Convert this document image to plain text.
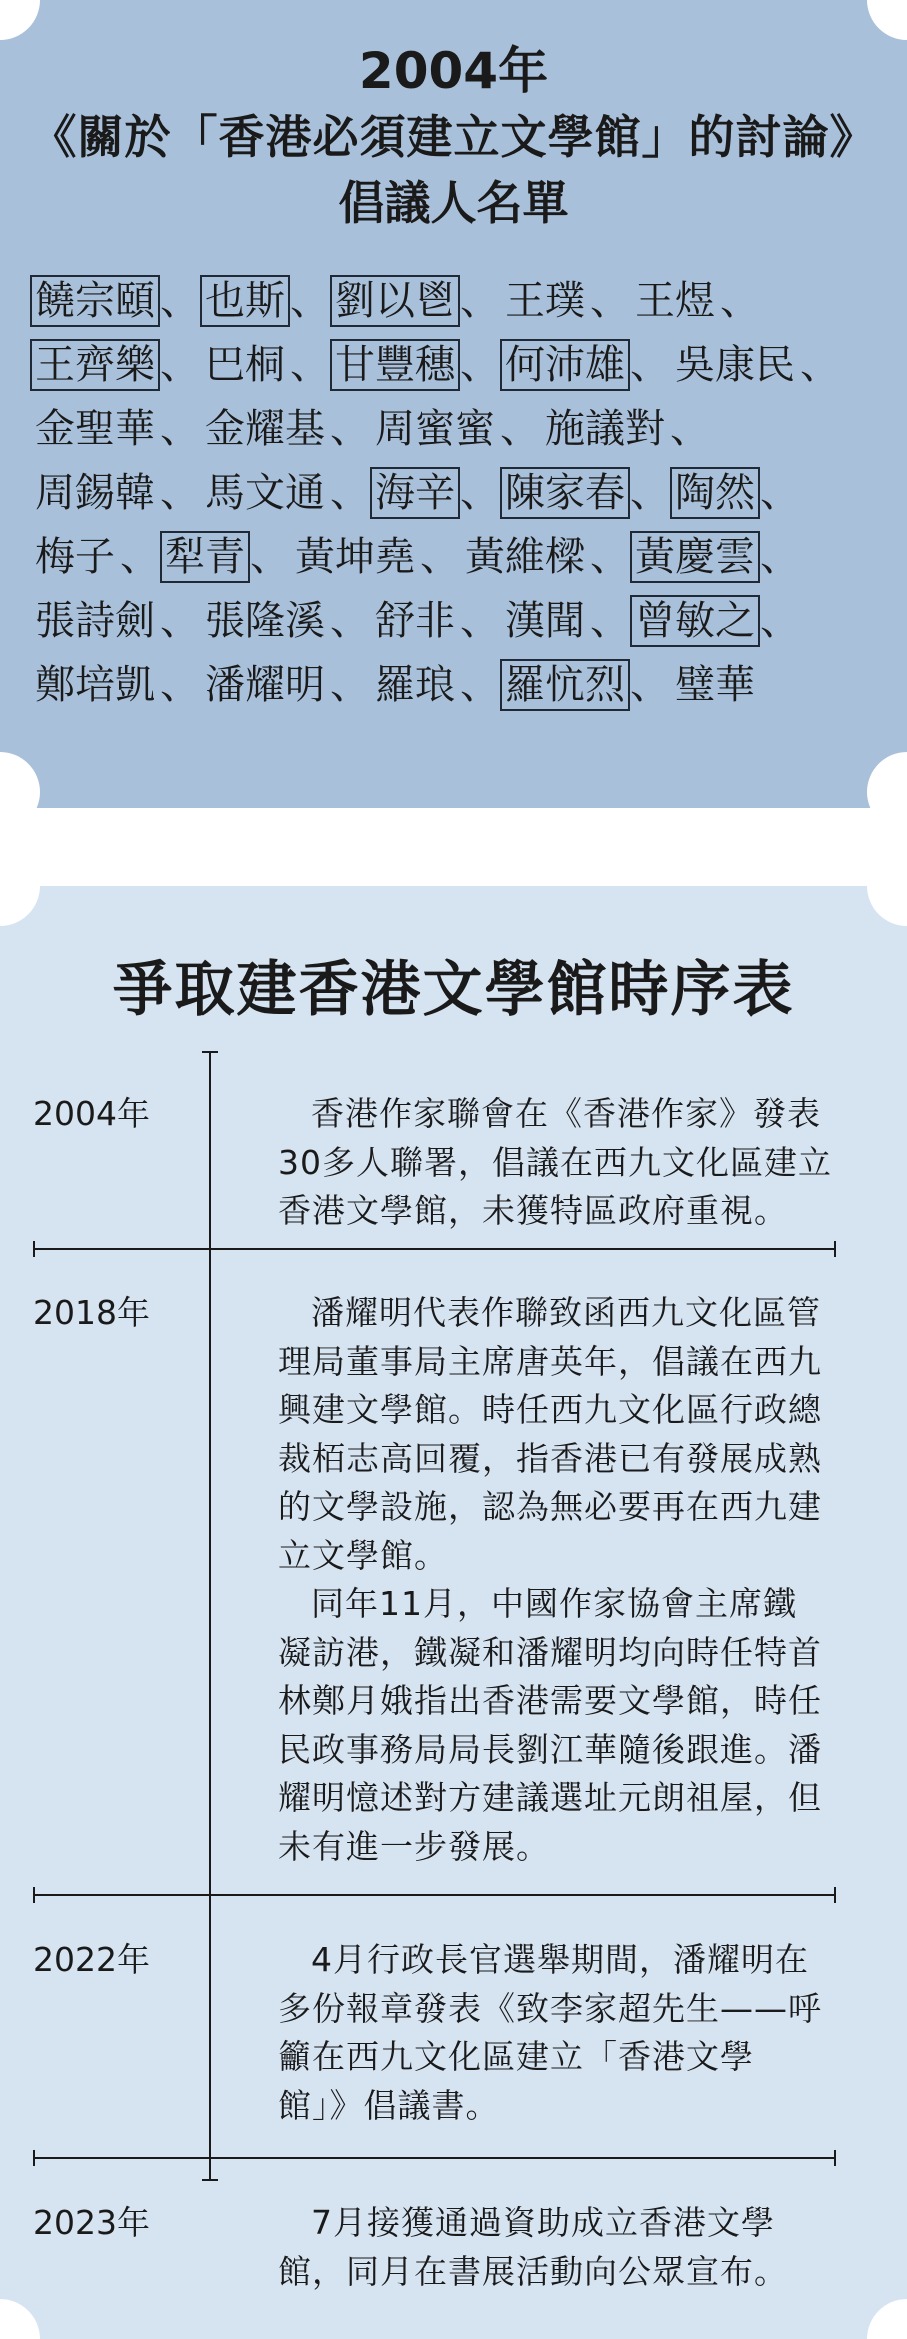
2004年
《關於「香港必須建立文學館」的討論》
倡議人名單
饒宗頤 、 也斯 、 劉以鬯 、 王璞 、 王煜 、
王齊樂 、 巴桐 、 甘豐穗 、 何沛雄 、 吳康民 、
金聖華 、 金耀基 、 周蜜蜜 、 施議對 、
周錫韓 、 馬文通 、 海辛 、 陳家春 、 陶然 、
梅子 、 犁青 、 黃坤堯 、 黃維樑 、 黃慶雲 、
張詩劍 、 張隆溪 、 舒非 、 漢聞 、 曾敏之 、
鄭培凱 、 潘耀明 、 羅琅 、 羅忼烈 、 璧華
爭取建香港文學館時序表
2004年	香港作家聯會在《香港作家》發表
30多人聯署，倡議在西九文化區建立
香港文學館，未獲特區政府重視。

2018年	潘耀明代表作聯致函西九文化區管
理局董事局主席唐英年，倡議在西九
興建文學館。時任西九文化區行政總
裁栢志高回覆，指香港已有發展成熟
的文學設施，認為無必要再在西九建
立文學館。

同年11月，中國作家協會主席鐵
凝訪港，鐵凝和潘耀明均向時任特首
林鄭月娥指出香港需要文學館，時任
民政事務局局長劉江華隨後跟進。潘
耀明憶述對方建議選址元朗祖屋，但
未有進一步發展。

2022年	4月行政長官選舉期間，潘耀明在
多份報章發表《致李家超先生——呼
籲在西九文化區建立「香港文學
館」》倡議書。

2023年	7月接獲通過資助成立香港文學
館，同月在書展活動向公眾宣布。
